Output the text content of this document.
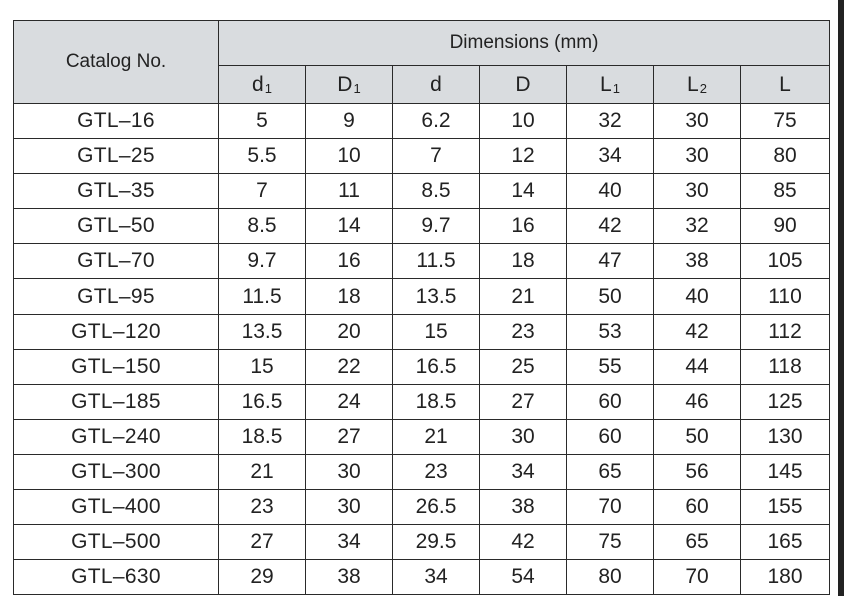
Catalog No.	Dimensions (mm)						
	$d_1$	$D_1$	d	D	$L_1$	$L_2$	L
GTL–16	5	9	6.2	10	32	30	75
GTL–25	5.5	10	7	12	34	30	80
GTL–35	7	11	8.5	14	40	30	85
GTL–50	8.5	14	9.7	16	42	32	90
GTL–70	9.7	16	11.5	18	47	38	105
GTL–95	11.5	18	13.5	21	50	40	110
GTL–120	13.5	20	15	23	53	42	112
GTL–150	15	22	16.5	25	55	44	118
GTL–185	16.5	24	18.5	27	60	46	125
GTL–240	18.5	27	21	30	60	50	130
GTL–300	21	30	23	34	65	56	145
GTL–400	23	30	26.5	38	70	60	155
GTL–500	27	34	29.5	42	75	65	165
GTL–630	29	38	34	54	80	70	180
